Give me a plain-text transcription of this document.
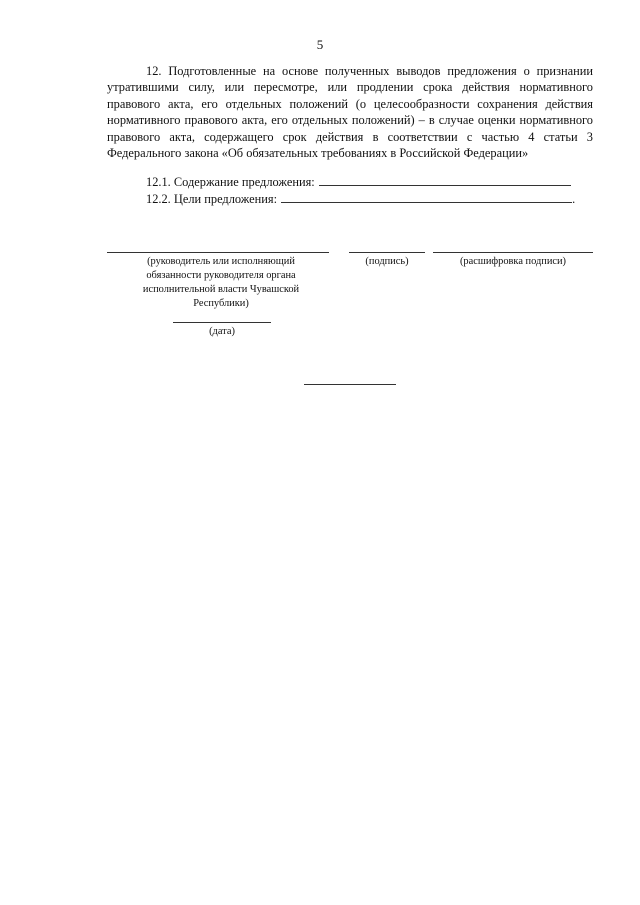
5

12. Подготовленные на основе полученных выводов предложения о признании утратившими силу, или пересмотре, или продлении срока действия нормативного правового акта, его отдельных положений (о целесообразности сохранения действия нормативного правового акта, его отдельных положений) – в случае оценки нормативного правового акта, содержащего срок действия в соответствии с частью 4 статьи 3 Федерального закона «Об обязательных требованиях в Российской Федерации»

12.1. Содержание предложения:
12.2. Цели предложения:	.
(руководитель или исполняющий обязанности руководителя органа исполнительной власти Чувашской Республики)
(подпись)	(расшифровка подписи)
(дата)
